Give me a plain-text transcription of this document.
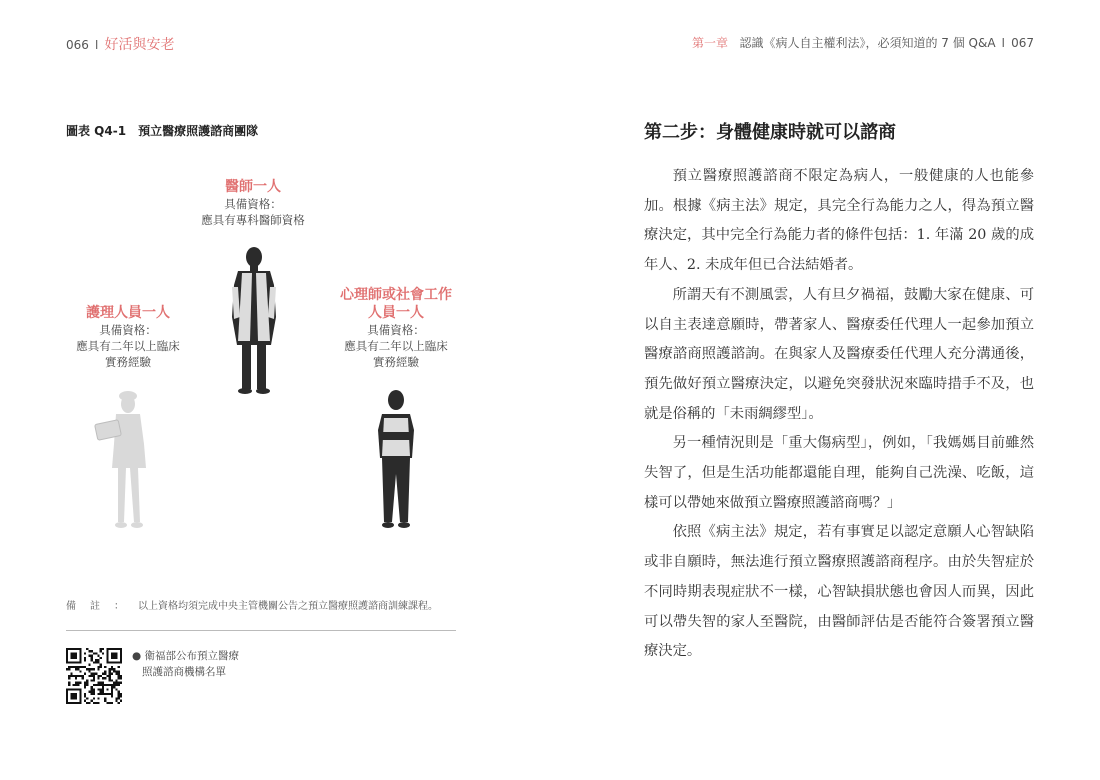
066 I 好活與安老
圖表 Q4-1 預立醫療照護諮商團隊
醫師一人
具備資格：
應具有專科醫師資格
護理人員一人
具備資格：
應具有二年以上臨床
實務經驗
心理師或社會工作
人員一人
具備資格：
應具有二年以上臨床
實務經驗
備註：以上資格均須完成中央主管機關公告之預立醫療照護諮商訓練課程。
● 衛福部公布預立醫療
照護諮商機構名單
第一章 認識《病人自主權利法》，必須知道的 7 個 Q&A I 067
第二步：身體健康時就可以諮商

預立醫療照護諮商不限定為病人，一般健康的人也能參加。根據《病主法》規定，具完全行為能力之人，得為預立醫療決定，其中完全行為能力者的條件包括：1. 年滿 20 歲的成年人、2. 未成年但已合法結婚者。

所謂天有不測風雲，人有旦夕禍福，鼓勵大家在健康、可以自主表達意願時，帶著家人、醫療委任代理人一起參加預立醫療諮商照護諮詢。在與家人及醫療委任代理人充分溝通後，預先做好預立醫療決定，以避免突發狀況來臨時措手不及，也就是俗稱的「未雨綢繆型」。

另一種情況則是「重大傷病型」，例如，「我媽媽目前雖然失智了，但是生活功能都還能自理，能夠自己洗澡、吃飯，這樣可以帶她來做預立醫療照護諮商嗎？」

依照《病主法》規定，若有事實足以認定意願人心智缺陷或非自願時，無法進行預立醫療照護諮商程序。由於失智症於不同時期表現症狀不一樣，心智缺損狀態也會因人而異，因此可以帶失智的家人至醫院，由醫師評估是否能符合簽署預立醫療決定。
